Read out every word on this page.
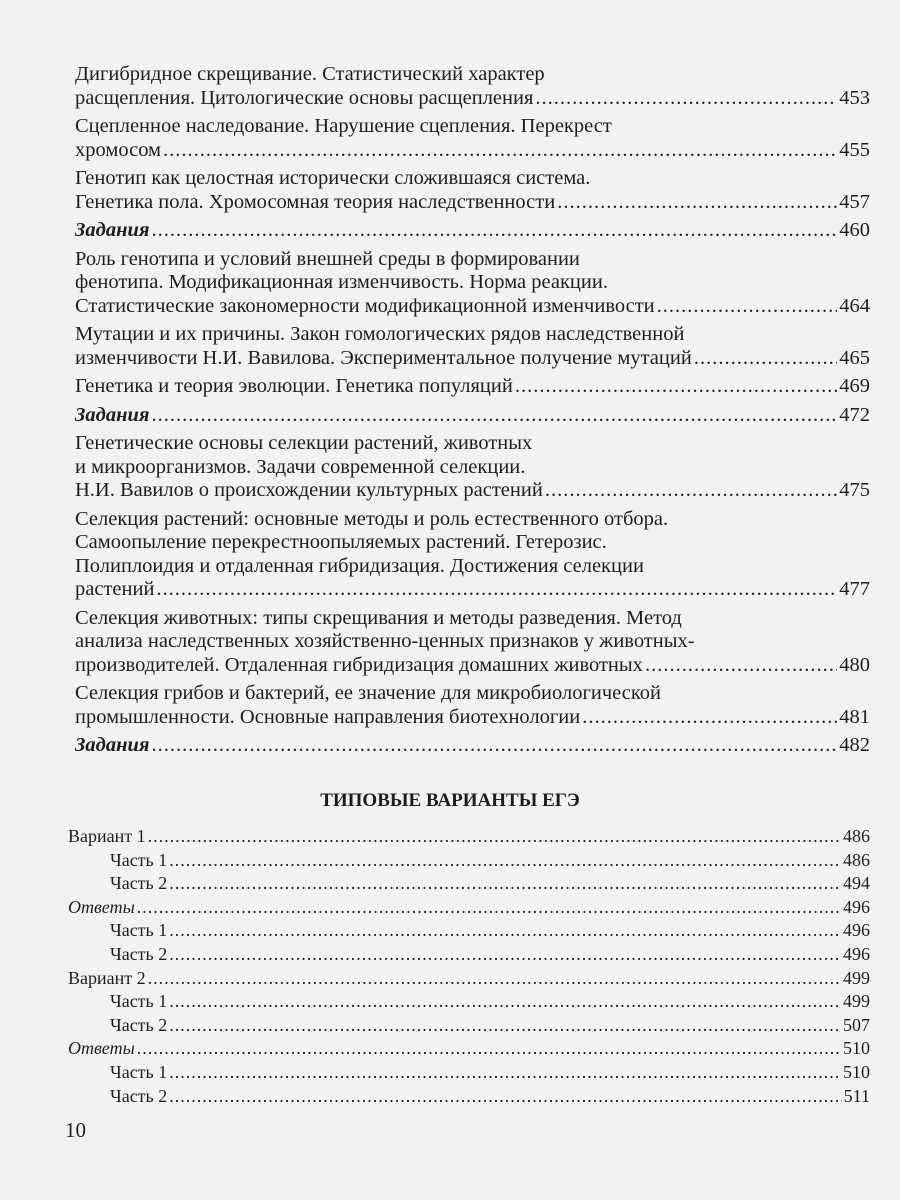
Дигибридное скрещивание. Статистический характер
расщепления. Цитологические основы расщепления .....	453
Сцепленное наследование. Нарушение сцепления. Перекрест
хромосом .....	455
Генотип как целостная исторически сложившаяся система.
Генетика пола. Хромосомная теория наследственности .....	457
Задания .....	460
Роль генотипа и условий внешней среды в формировании
фенотипа. Модификационная изменчивость. Норма реакции.
Статистические закономерности модификационной изменчивости .....	464
Мутации и их причины. Закон гомологических рядов наследственной
изменчивости Н.И. Вавилова. Экспериментальное получение мутаций .....	465
Генетика и теория эволюции. Генетика популяций .....	469
Задания .....	472
Генетические основы селекции растений, животных
и микроорганизмов. Задачи современной селекции.
Н.И. Вавилов о происхождении культурных растений .....	475
Селекция растений: основные методы и роль естественного отбора.
Самоопыление перекрестноопыляемых растений. Гетерозис.
Полиплоидия и отдаленная гибридизация. Достижения селекции
растений .....	477
Селекция животных: типы скрещивания и методы разведения. Метод
анализа наследственных хозяйственно-ценных признаков у животных-
производителей. Отдаленная гибридизация домашних животных .....	480
Селекция грибов и бактерий, ее значение для микробиологической
промышленности. Основные направления биотехнологии .....	481
Задания .....	482
ТИПОВЫЕ ВАРИАНТЫ ЕГЭ
Вариант 1 .....	486
Часть 1 .....	486
Часть 2 .....	494
Ответы .....	496
Часть 1 .....	496
Часть 2 .....	496
Вариант 2 .....	499
Часть 1 .....	499
Часть 2 .....	507
Ответы .....	510
Часть 1 .....	510
Часть 2 .....	511
10
